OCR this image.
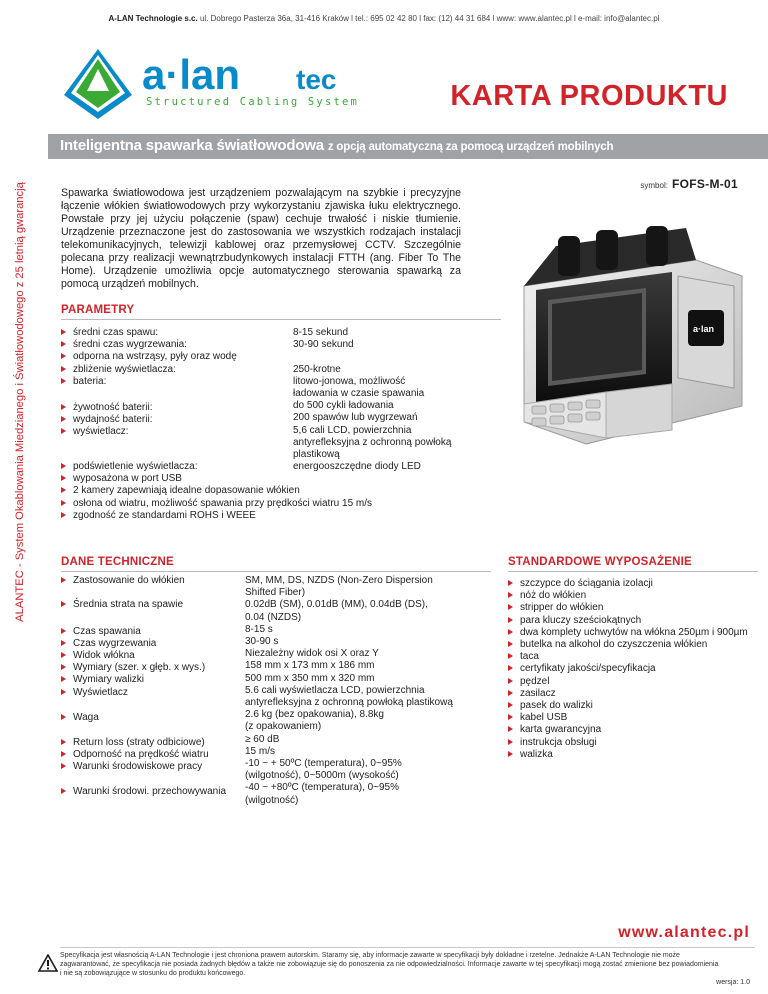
A-LAN Technologie s.c. ul. Dobrego Pasterza 36a, 31-416 Kraków l tel.: 695 02 42 80 l fax: (12) 44 31 684 l www: www.alantec.pl l e-mail: info@alantec.pl
a·lan tec
Structured Cabling System	KARTA PRODUKTU
Inteligentna spawarka światłowodowa z opcją automatyczną za pomocą urządzeń mobilnych
symbol: FOFS-M-01
ALANTEC - System Okablowania Miedzianego i Światłowodowego z 25 letnią gwarancją	Spawarka światłowodowa jest urządzeniem pozwalającym na szybkie i precyzyjne łączenie włókien światłowodowych przy wykorzystaniu zjawiska łuku elektrycznego. Powstałe przy jej użyciu połączenie (spaw) cechuje trwałość i niskie tłumienie. Urządzenie przeznaczone jest do zastosowania we wszystkich rodzajach instalacji telekomunikacyjnych, telewizji kablowej oraz przemysłowej CCTV. Szczególnie polecana przy realizacji wewnątrzbudynkowych instalacji FTTH (ang. Fiber To The Home). Urządzenie umożliwia opcje automatycznego sterowania spawarką za pomocą urządzeń mobilnych.

a·lan
PARAMETRY
średni czas spawu:
średni czas wygrzewania:
odporna na wstrząsy, pyły oraz wodę
zbliżenie wyświetlacza:
bateria:
żywotność baterii:
wydajność baterii:
wyświetlacz:
podświetlenie wyświetlacza:
wyposażona w port USB
2 kamery zapewniają idealne dopasowanie włókien
osłona od wiatru, możliwość spawania przy prędkości wiatru 15 m/s
zgodność ze standardami ROHS i WEEE
8-15 sekund
30-90 sekund
250-krotne
litowo-jonowa, możliwość
ładowania w czasie spawania
do 500 cykli ładowania
200 spawów lub wygrzewań
5,6 cali LCD, powierzchnia
antyrefleksyjna z ochronną powłoką
plastikową
energooszczędne diody LED
DANE TECHNICZNE
Zastosowanie do włókien
Średnia strata na spawie
Czas spawania
Czas wygrzewania
Widok włókna
Wymiary (szer. x głęb. x wys.)
Wymiary walizki
Wyświetlacz
Waga
Return loss (straty odbiciowe)
Odporność na prędkość wiatru
Warunki środowiskowe pracy
Warunki środowi. przechowywania
SM, MM, DS, NZDS (Non-Zero Dispersion
Shifted Fiber)
0.02dB (SM), 0.01dB (MM), 0.04dB (DS),
0.04 (NZDS)
8-15 s
30-90 s
Niezależny widok osi X oraz Y
158 mm x 173 mm x 186 mm
500 mm x 350 mm x 320 mm
5.6 cali wyświetlacza LCD, powierzchnia
antyrefleksyjna z ochronną powłoką plastikową
2.6 kg (bez opakowania), 8.8kg
(z opakowaniem)
≥ 60 dB
15 m/s
-10 ~ + 50ºC (temperatura), 0~95%
(wilgotność), 0~5000m (wysokość)
-40 ~ +80ºC (temperatura), 0~95%
(wilgotność)
STANDARDOWE WYPOSAŻENIE
szczypce do ściągania izolacji
nóż do włókien
stripper do włókien
para kluczy sześciokątnych
dwa komplety uchwytów na włókna 250µm i 900µm
butelka na alkohol do czyszczenia włókien
taca
certyfikaty jakości/specyfikacja
pędzel
zasilacz
pasek do walizki
kabel USB
karta gwarancyjna
instrukcja obsługi
walizka
www.alantec.pl
Specyfikacja jest własnością A-LAN Technologie i jest chroniona prawem autorskim. Staramy się, aby informacje zawarte w specyfikacji były dokładne i rzetelne. Jednakże A-LAN Technologie nie może
zagwarantować, że specyfikacja nie posiada żadnych błędów a także nie zobowiązuje się do ponoszenia za nie odpowiedzialności. Informacje zawarte w tej specyfikacji mogą zostać zmienione bez powiadomienia
i nie są zobowiązujące w stosunku do produktu końcowego.
wersja: 1.0
